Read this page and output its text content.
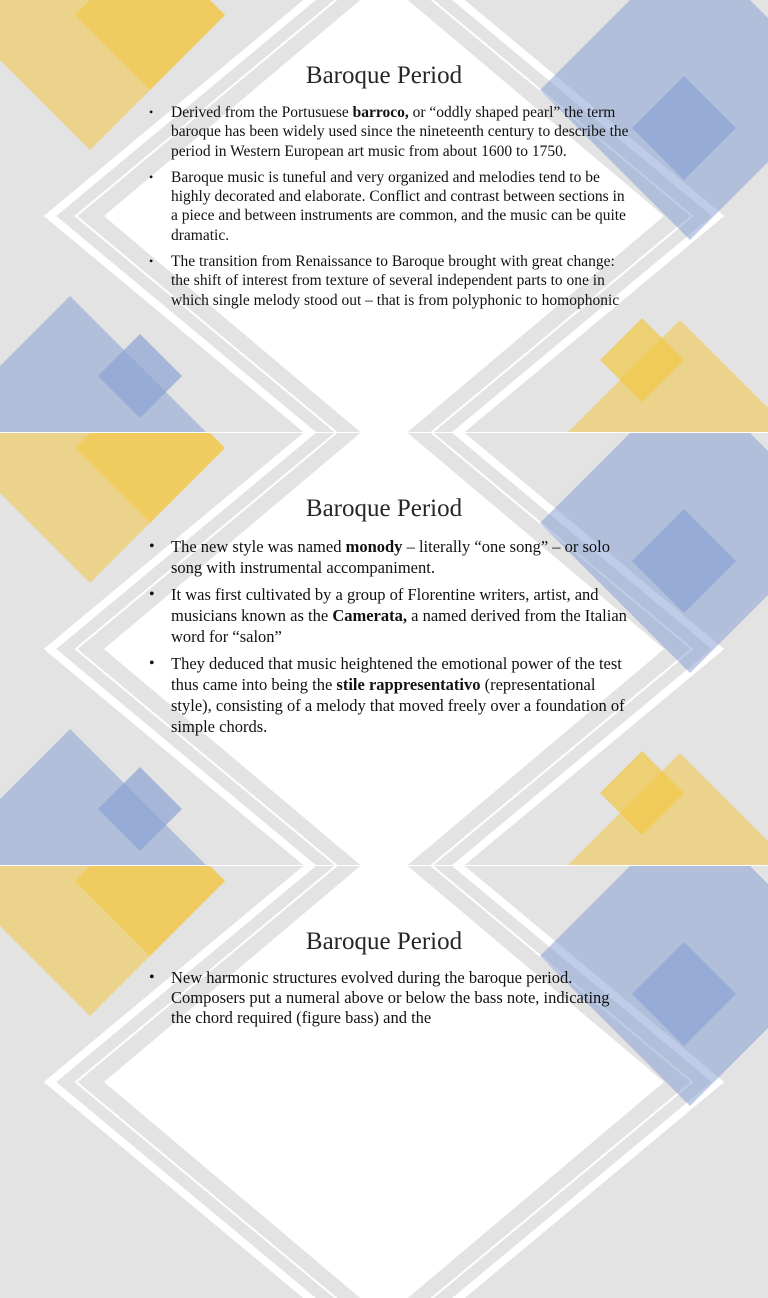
Baroque Period
• Derived from the Portusuese barroco, or “oddly shaped pearl” the term baroque has been widely used since the nineteenth century to describe the period in Western European art music from about 1600 to 1750.
• Baroque music is tuneful and very organized and melodies tend to be highly decorated and elaborate. Conflict and contrast between sections in a piece and between instruments are common, and the music can be quite dramatic.
• The transition from Renaissance to Baroque brought with great change: the shift of interest from texture of several independent parts to one in which single melody stood out – that is from polyphonic to homophonic
Baroque Period
• The new style was named monody – literally “one song” – or solo song with instrumental accompaniment.
• It was first cultivated by a group of Florentine writers, artist, and musicians known as the Camerata, a named derived from the Italian word for “salon”
• They deduced that music heightened the emotional power of the test thus came into being the stile rappresentativo (representational style), consisting of a melody that moved freely over a foundation of simple chords.
Baroque Period
• New harmonic structures evolved during the baroque period. Composers put a numeral above or below the bass note, indicating the chord required (figure bass) and the
